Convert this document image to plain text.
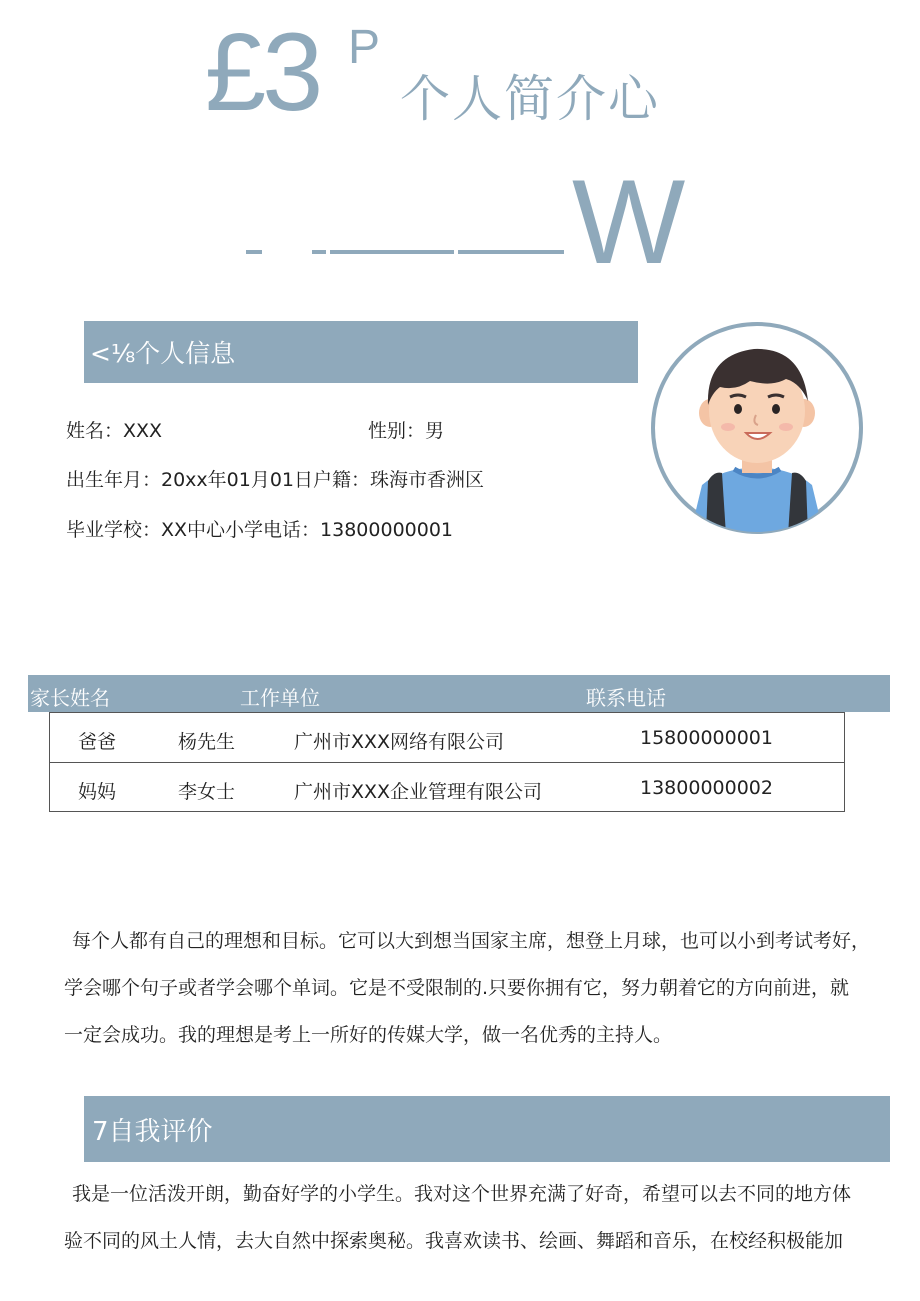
£3 P
个人简介心
W
<⅛个人信息
姓名：XXX	性别：男
出生年月：20xx年01月01日户籍：珠海市香洲区
毕业学校：XX中心小学电话：13800000001
家长姓名	工作单位	联系电话
爸爸	杨先生	广州市XXX网络有限公司	15800000001
妈妈	李女士	广州市XXX企业管理有限公司	13800000002

每个人都有自己的理想和目标。它可以大到想当国家主席，想登上月球，也可以小到考试考好，

学会哪个句子或者学会哪个单词。它是不受限制的.只要你拥有它，努力朝着它的方向前进，就

一定会成功。我的理想是考上一所好的传媒大学，做一名优秀的主持人。

7自我评价

我是一位活泼开朗，勤奋好学的小学生。我对这个世界充满了好奇，希望可以去不同的地方体

验不同的风土人情，去大自然中探索奥秘。我喜欢读书、绘画、舞蹈和音乐，在校经积极能加
